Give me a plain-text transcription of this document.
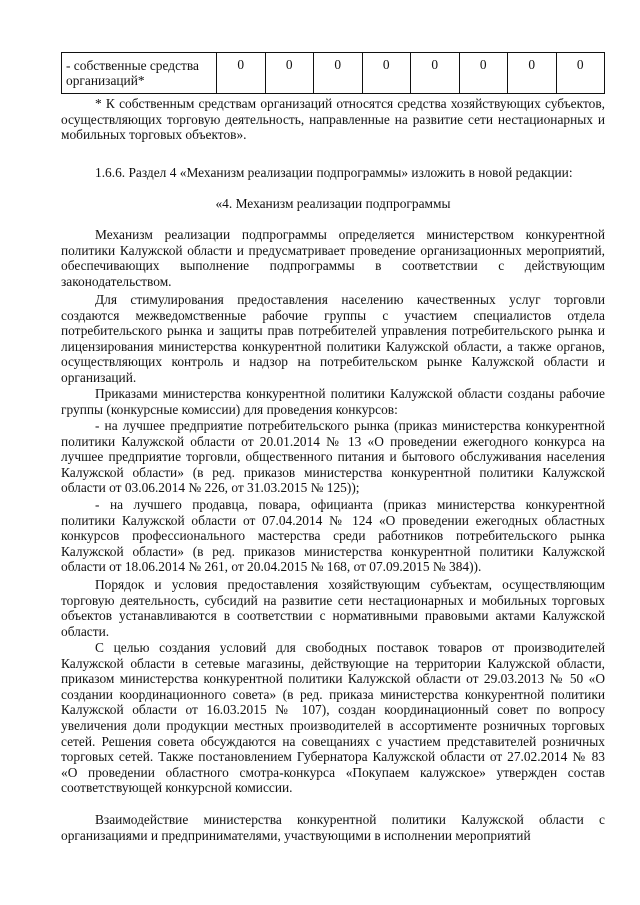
- собственные средства организаций*	0	0	0	0	0	0	0	0

* К собственным средствам организаций относятся средства хозяйствующих субъектов, осуществляющих торговую деятельность, направленные на развитие сети нестационарных и мобильных торговых объектов».

1.6.6. Раздел 4 «Механизм реализации подпрограммы» изложить в новой редакции:

«4. Механизм реализации подпрограммы

Механизм реализации подпрограммы определяется министерством конкурентной политики Калужской области и предусматривает проведение организационных мероприятий, обеспечивающих выполнение подпрограммы в соответствии с действующим законодательством.

Для стимулирования предоставления населению качественных услуг торговли создаются межведомственные рабочие группы с участием специалистов отдела потребительского рынка и защиты прав потребителей управления потребительского рынка и лицензирования министерства конкурентной политики Калужской области, а также органов, осуществляющих контроль и надзор на потребительском рынке Калужской области и организаций.

Приказами министерства конкурентной политики Калужской области созданы рабочие группы (конкурсные комиссии) для проведения конкурсов:

- на лучшее предприятие потребительского рынка (приказ министерства конкурентной политики Калужской области от 20.01.2014 № 13 «О проведении ежегодного конкурса на лучшее предприятие торговли, общественного питания и бытового обслуживания населения Калужской области» (в ред. приказов министерства конкурентной политики Калужской области от 03.06.2014 № 226, от 31.03.2015 № 125));

- на лучшего продавца, повара, официанта (приказ министерства конкурентной политики Калужской области от 07.04.2014 № 124 «О проведении ежегодных областных конкурсов профессионального мастерства среди работников потребительского рынка Калужской области» (в ред. приказов министерства конкурентной политики Калужской области от 18.06.2014 № 261, от 20.04.2015 № 168, от 07.09.2015 № 384)).

Порядок и условия предоставления хозяйствующим субъектам, осуществляющим торговую деятельность, субсидий на развитие сети нестационарных и мобильных торговых объектов устанавливаются в соответствии с нормативными правовыми актами Калужской области.

С целью создания условий для свободных поставок товаров от производителей Калужской области в сетевые магазины, действующие на территории Калужской области, приказом министерства конкурентной политики Калужской области от 29.03.2013 № 50 «О создании координационного совета» (в ред. приказа министерства конкурентной политики Калужской области от 16.03.2015 № 107), создан координационный совет по вопросу увеличения доли продукции местных производителей в ассортименте розничных торговых сетей. Решения совета обсуждаются на совещаниях с участием представителей розничных торговых сетей. Также постановлением Губернатора Калужской области от 27.02.2014 № 83 «О проведении областного смотра-конкурса «Покупаем калужское» утвержден состав соответствующей конкурсной комиссии.

Взаимодействие министерства конкурентной политики Калужской области с организациями и предпринимателями, участвующими в исполнении мероприятий
